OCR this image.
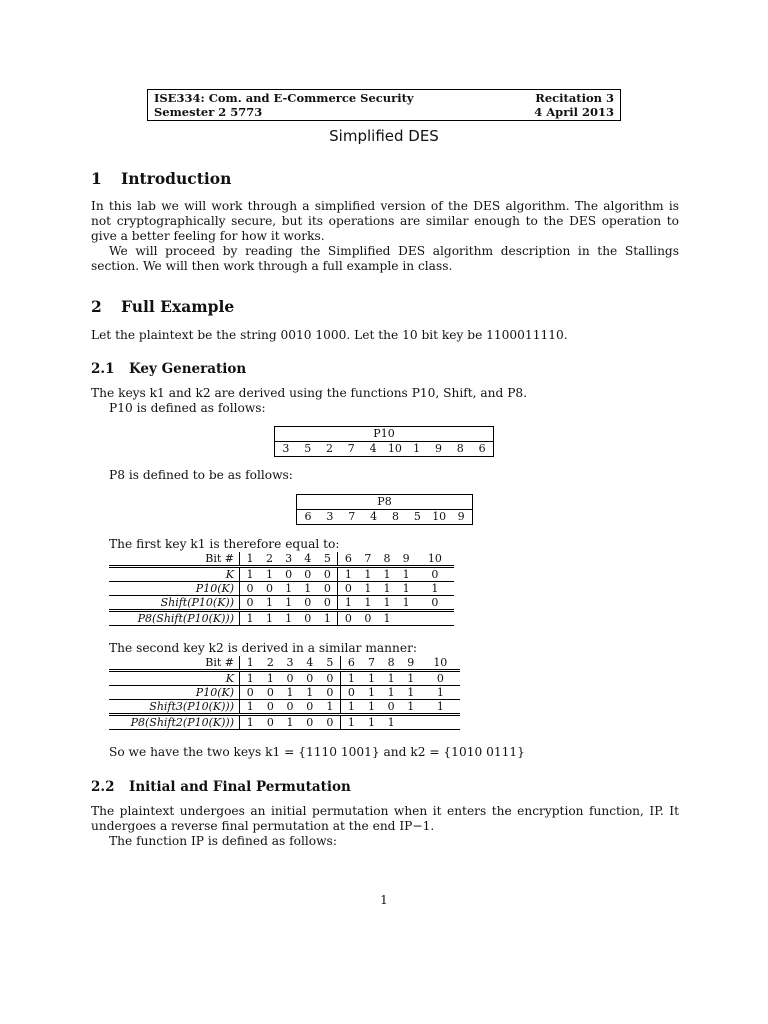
ISE334: Com. and E-Commerce Security	Recitation 3
Semester 2 5773	4 April 2013
Simplified DES
1 Introduction
In this lab we will work through a simplified version of the DES algorithm. The algorithm is not cryptographically secure, but its operations are similar enough to the DES operation to give a better feeling for how it works.
We will proceed by reading the Simplified DES algorithm description in the Stallings section. We will then work through a full example in class.
2 Full Example
Let the plaintext be the string 0010 1000. Let the 10 bit key be 1100011110.
2.1 Key Generation
The keys k1 and k2 are derived using the functions P10, Shift, and P8.
P10 is defined as follows:
P10
3	5	2	7	4	10	1	9	8	6
P8 is defined to be as follows:
P8
6	3	7	4	8	5	10	9
The first key k1 is therefore equal to:
Bit #	1	2	3	4	5	6	7	8	9	10
K	1	1	0	0	0	1	1	1	1	0
P10(K)	0	0	1	1	0	0	1	1	1	1
Shift(P10(K))	0	1	1	0	0	1	1	1	1	0
P8(Shift(P10(K)))	1	1	1	0	1	0	0	1		
The second key k2 is derived in a similar manner:
Bit #	1	2	3	4	5	6	7	8	9	10
K	1	1	0	0	0	1	1	1	1	0
P10(K)	0	0	1	1	0	0	1	1	1	1
Shift3(P10(K)))	1	0	0	0	1	1	1	0	1	1
P8(Shift2(P10(K)))	1	0	1	0	0	1	1	1		
So we have the two keys k1 = {1110 1001} and k2 = {1010 0111}
2.2 Initial and Final Permutation
The plaintext undergoes an initial permutation when it enters the encryption function, IP. It undergoes a reverse final permutation at the end IP−1.
The function IP is defined as follows:
1
